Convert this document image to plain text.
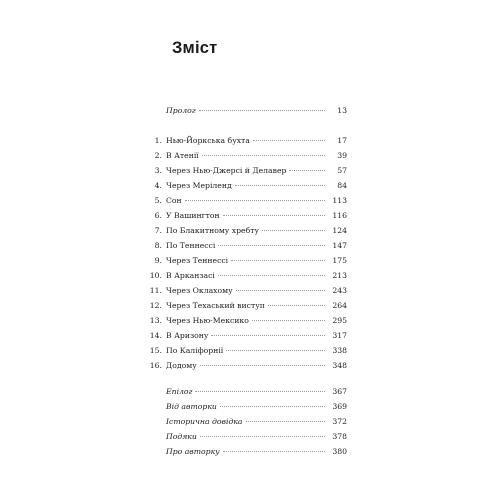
Зміст
Пролог	13
1. Нью-Йоркська бухта	17
2. В Атенії	39
3. Через Нью-Джерсі й Делавер	57
4. Через Меріленд	84
5. Сон	113
6. У Вашингтон	116
7. По Блакитному хребту	124
8. По Теннессі	147
9. Через Теннессі	175
10. В Арканзасі	213
11. Через Оклахому	243
12. Через Техаський виступ	264
13. Через Нью-Мексико	295
14. В Аризону	317
15. По Каліфорнії	338
16. Додому	348
Епілог	367
Від авторки	369
Історична довідка	372
Подяки	378
Про авторку	380
